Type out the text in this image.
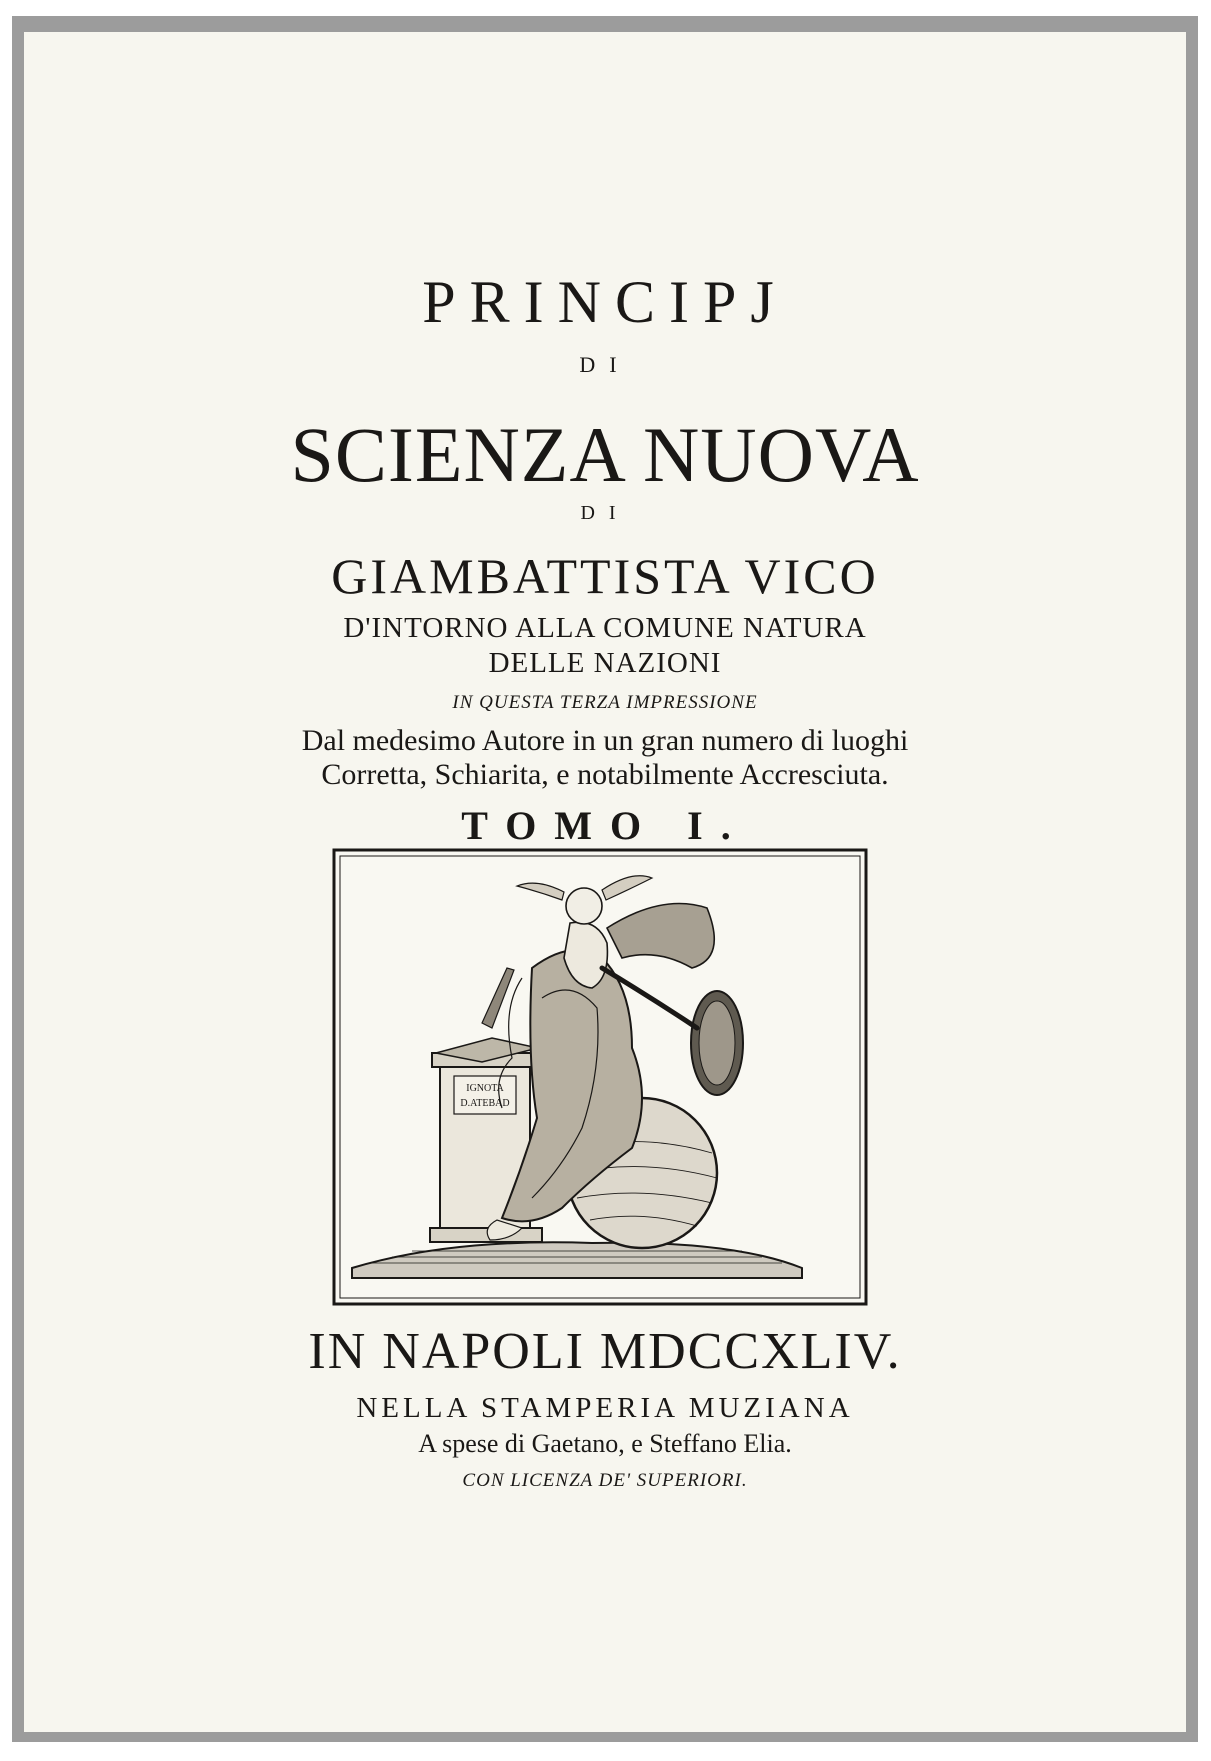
PRINCIPJ
DI
SCIENZA NUOVA
DI
GIAMBATTISTA VICO
D'INTORNO ALLA COMUNE NATURA
DELLE NAZIONI
IN QUESTA TERZA IMPRESSIONE
Dal medesimo Autore in un gran numero di luoghi
Corretta, Schiarita, e notabilmente Accresciuta.
TOMO I.
IGNOTA
D.ATEBAD
IN NAPOLI MDCCXLIV.
NELLA STAMPERIA MUZIANA
A spese di Gaetano, e Steffano Elia.
CON LICENZA DE' SUPERIORI.
